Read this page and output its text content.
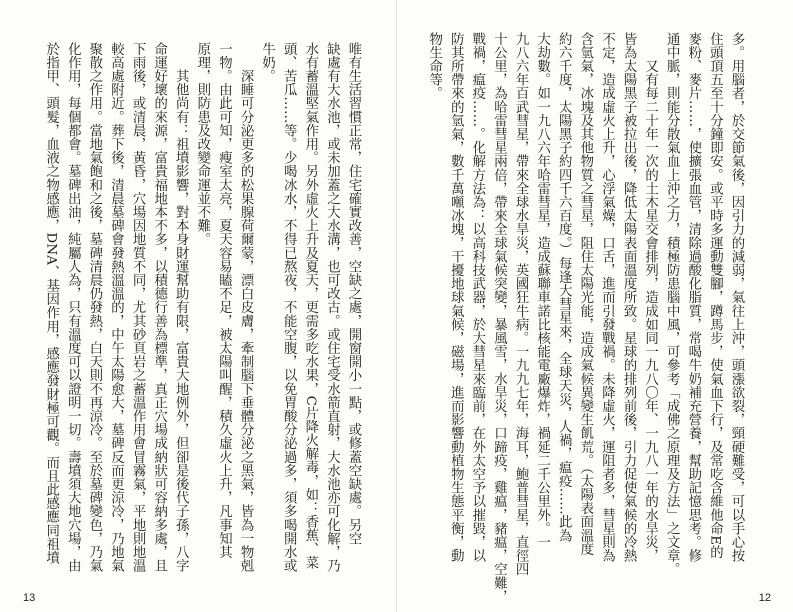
唯有生活習慣正常，住宅確實改善，空缺之處，開窗開小一點，或修蓋空缺處。另空
缺處有大水池，或未加蓋之大水溝，也可改古。或住宅受水箭直射，大水池亦可化解，乃
水有蓄溫堅氣作用。另外虛火上升及夏天，更需多吃水果，C片降火解毒，如：香蕉、菜
頭、苦瓜……等。少喝冰水，不得已熬夜，不能空腹，以免胃酸分泌過多，須多喝開水或
牛奶。
　　深睡可分泌更多的松果腺荷爾蒙，漂白皮膚，牽制腦下垂體分泌之黑氣，皆為一物剋
一物。由此可知，瘦室太亮，夏天容易瞌不足，被太陽叫醒，積久虛火上升，凡事知其
原理，則防患及改變命運並不難。
　　其他尚有：祖墳影響，對本身財運幫助有限，富貴大地例外，但卻是後代子孫，八字
命運好壞的來源，富貴福地本不多，以積德行善為標準，真正穴場成納狀可容納多處，且
下雨後，或清晨，黃昏，穴場因地質不同，尤其砂頁岩之蓄溫作用會冒霧氣，平地則地溫
較高處附近。葬下後，清晨墓碑會發熱溫溫的，中午太陽愈大，墓碑反而更涼冷，乃地氣
聚散之作用。當地氣飽和之後，墓碑清晨仍發熱，白天則不再涼冷。至於墓碑變色，乃氣
化作用，每個都會。墓碑出油，純屬人為，只有溫度可以證明一切。壽墳須大地穴場，由
於指甲、頭髮，血液之物感應，DNA、基因作用，感應發財極可觀。而且此感應同祖墳
13
多。用腦者，於交節氣後，因引力的減弱，氣往上沖，頭漲欲裂，頸硬難受，可以手心按
住頭頂五至十分鐘即安。或平時多運動雙腳，蹲馬步，使氣血下行，及常吃含維他命E的
麥粉、麥片……，使擴張血管，清除過酸化脂質，常喝牛奶補充營養，幫助記憶思考。修
通中脈，則能分散氣血上沖之力，積極防患腦中風，可參考「成佛之原理及方法」之文章。
　　又有每二十年一次的土木星交會排列，造成如同一九八〇年、一九八一年的水旱災，
皆為太陽黑子被拉出後，降低太陽表面溫度所致。星球的排列前後，引力促使氣候的冷熱
不定，造成虛火上升，心浮氣燥，口舌，進而引發戰禍。未降虛火，運阻者多，彗星則為
含氫氣，冰塊及其他物質之彗星，阻住太陽光能，造成氣候異變生飢荒。（太陽表面溫度
約六千度，太陽黑子約四千六百度。）每逢大彗星來，全球天災，人禍，瘟疫……此為
大劫數。如一九八六年哈雷彗星，造成蘇聯車諾比核能電廠爆炸，禍延二千公里外。一
九八六年百武彗星，帶來全球水旱災，英國狂牛病。一九九七年，海耳，鮑普彗星，直徑四
十公里，為哈雷彗星兩倍，帶來全球氣候突變，暴風雪，水旱災，口蹄疫，雞瘟，豬瘟，空難，
戰禍，瘟疫……。化解方法為：以高科技武器，於大彗星來臨前，在外太空予以摧毀，以
防其所帶來的氫氣，數千萬噸冰塊，干擾地球氣候，磁場，進而影響動植物生態平衡，動
物生命等。
12
